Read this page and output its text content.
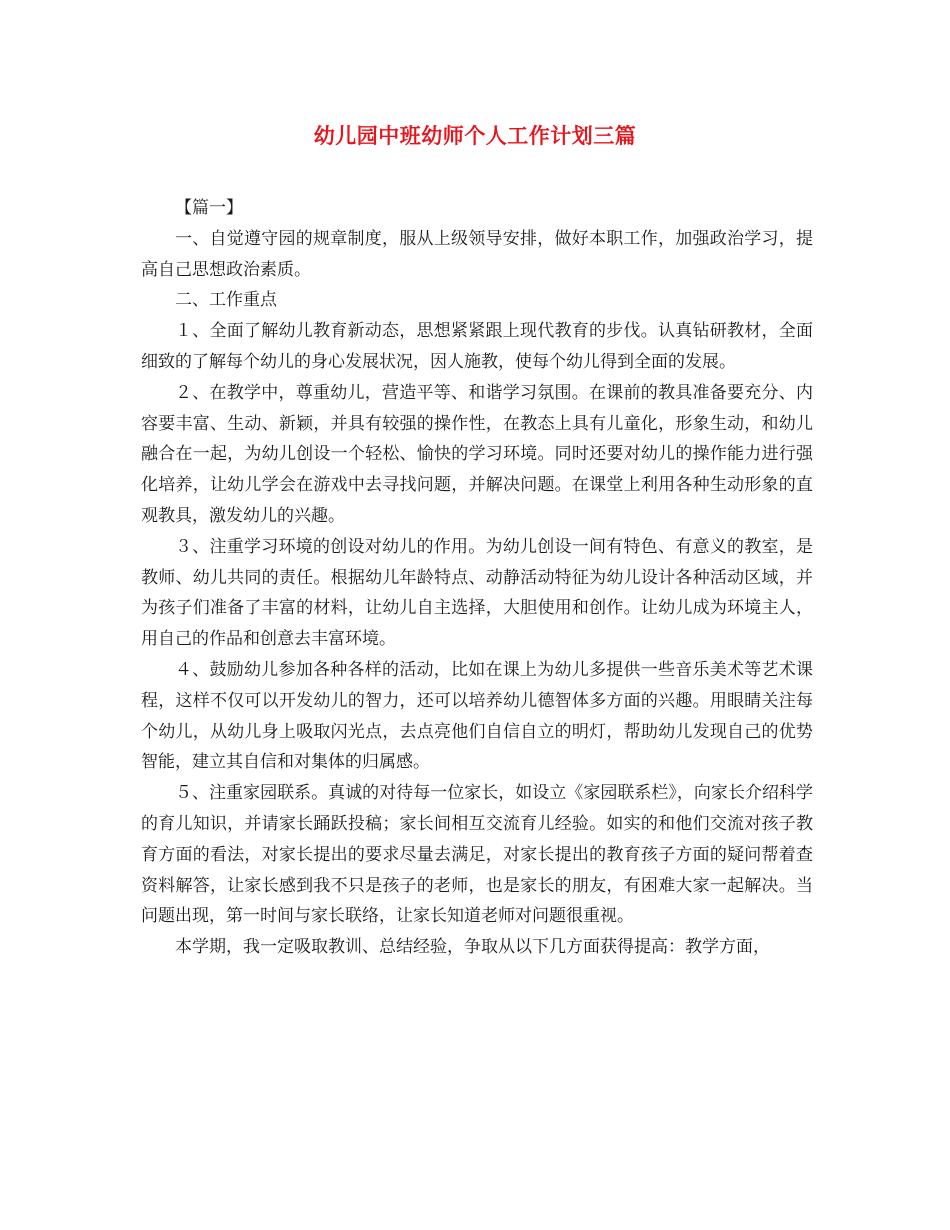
幼儿园中班幼师个人工作计划三篇

【篇一】

一、自觉遵守园的规章制度，服从上级领导安排，做好本职工作，加强政治学习，提高自己思想政治素质。

二、工作重点

１、全面了解幼儿教育新动态，思想紧紧跟上现代教育的步伐。认真钻研教材，全面细致的了解每个幼儿的身心发展状况，因人施教，使每个幼儿得到全面的发展。

２、在教学中，尊重幼儿，营造平等、和谐学习氛围。在课前的教具准备要充分、内容要丰富、生动、新颖，并具有较强的操作性，在教态上具有儿童化，形象生动，和幼儿融合在一起，为幼儿创设一个轻松、愉快的学习环境。同时还要对幼儿的操作能力进行强化培养，让幼儿学会在游戏中去寻找问题，并解决问题。在课堂上利用各种生动形象的直观教具，激发幼儿的兴趣。

３、注重学习环境的创设对幼儿的作用。为幼儿创设一间有特色、有意义的教室，是教师、幼儿共同的责任。根据幼儿年龄特点、动静活动特征为幼儿设计各种活动区域，并为孩子们准备了丰富的材料，让幼儿自主选择，大胆使用和创作。让幼儿成为环境主人，用自己的作品和创意去丰富环境。

４、鼓励幼儿参加各种各样的活动，比如在课上为幼儿多提供一些音乐美术等艺术课程，这样不仅可以开发幼儿的智力，还可以培养幼儿德智体多方面的兴趣。用眼睛关注每个幼儿，从幼儿身上吸取闪光点，去点亮他们自信自立的明灯，帮助幼儿发现自己的优势智能，建立其自信和对集体的归属感。

５、注重家园联系。真诚的对待每一位家长，如设立《家园联系栏》，向家长介绍科学的育儿知识，并请家长踊跃投稿；家长间相互交流育儿经验。如实的和他们交流对孩子教育方面的看法，对家长提出的要求尽量去满足，对家长提出的教育孩子方面的疑问帮着查资料解答，让家长感到我不只是孩子的老师，也是家长的朋友，有困难大家一起解决。当问题出现，第一时间与家长联络，让家长知道老师对问题很重视。

本学期，我一定吸取教训、总结经验，争取从以下几方面获得提高：教学方面，
